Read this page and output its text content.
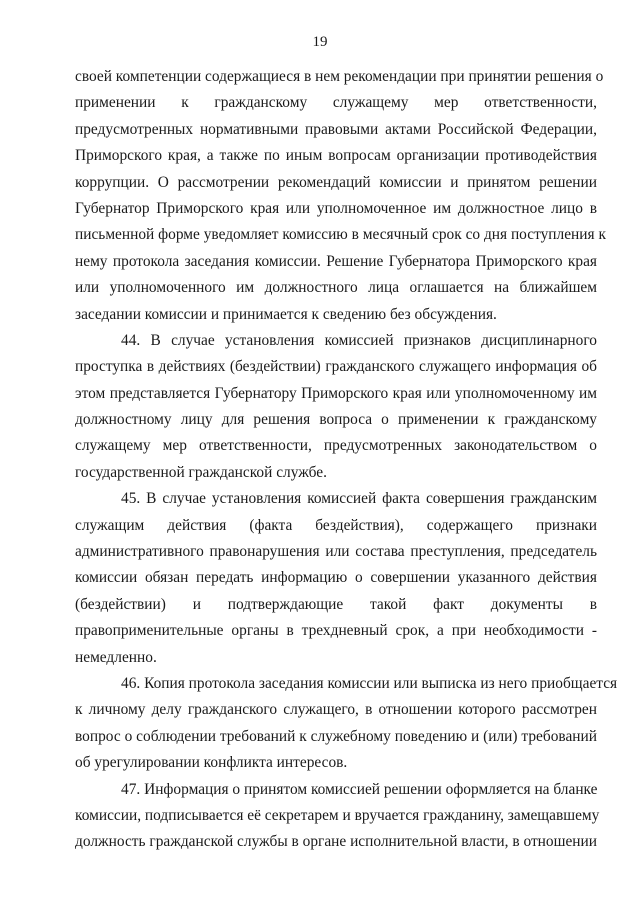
19
своей компетенции содержащиеся в нем рекомендации при принятии решения о
применении к гражданскому служащему мер ответственности,
предусмотренных нормативными правовыми актами Российской Федерации,
Приморского края, а также по иным вопросам организации противодействия
коррупции. О рассмотрении рекомендаций комиссии и принятом решении
Губернатор Приморского края или уполномоченное им должностное лицо в
письменной форме уведомляет комиссию в месячный срок со дня поступления к
нему протокола заседания комиссии. Решение Губернатора Приморского края
или уполномоченного им должностного лица оглашается на ближайшем
заседании комиссии и принимается к сведению без обсуждения.
44. В случае установления комиссией признаков дисциплинарного
проступка в действиях (бездействии) гражданского служащего информация об
этом представляется Губернатору Приморского края или уполномоченному им
должностному лицу для решения вопроса о применении к гражданскому
служащему мер ответственности, предусмотренных законодательством о
государственной гражданской службе.
45. В случае установления комиссией факта совершения гражданским
служащим действия (факта бездействия), содержащего признаки
административного правонарушения или состава преступления, председатель
комиссии обязан передать информацию о совершении указанного действия
(бездействии) и подтверждающие такой факт документы в
правоприменительные органы в трехдневный срок, а при необходимости -
немедленно.
46. Копия протокола заседания комиссии или выписка из него приобщается
к личному делу гражданского служащего, в отношении которого рассмотрен
вопрос о соблюдении требований к служебному поведению и (или) требований
об урегулировании конфликта интересов.
47. Информация о принятом комиссией решении оформляется на бланке
комиссии, подписывается её секретарем и вручается гражданину, замещавшему
должность гражданской службы в органе исполнительной власти, в отношении
